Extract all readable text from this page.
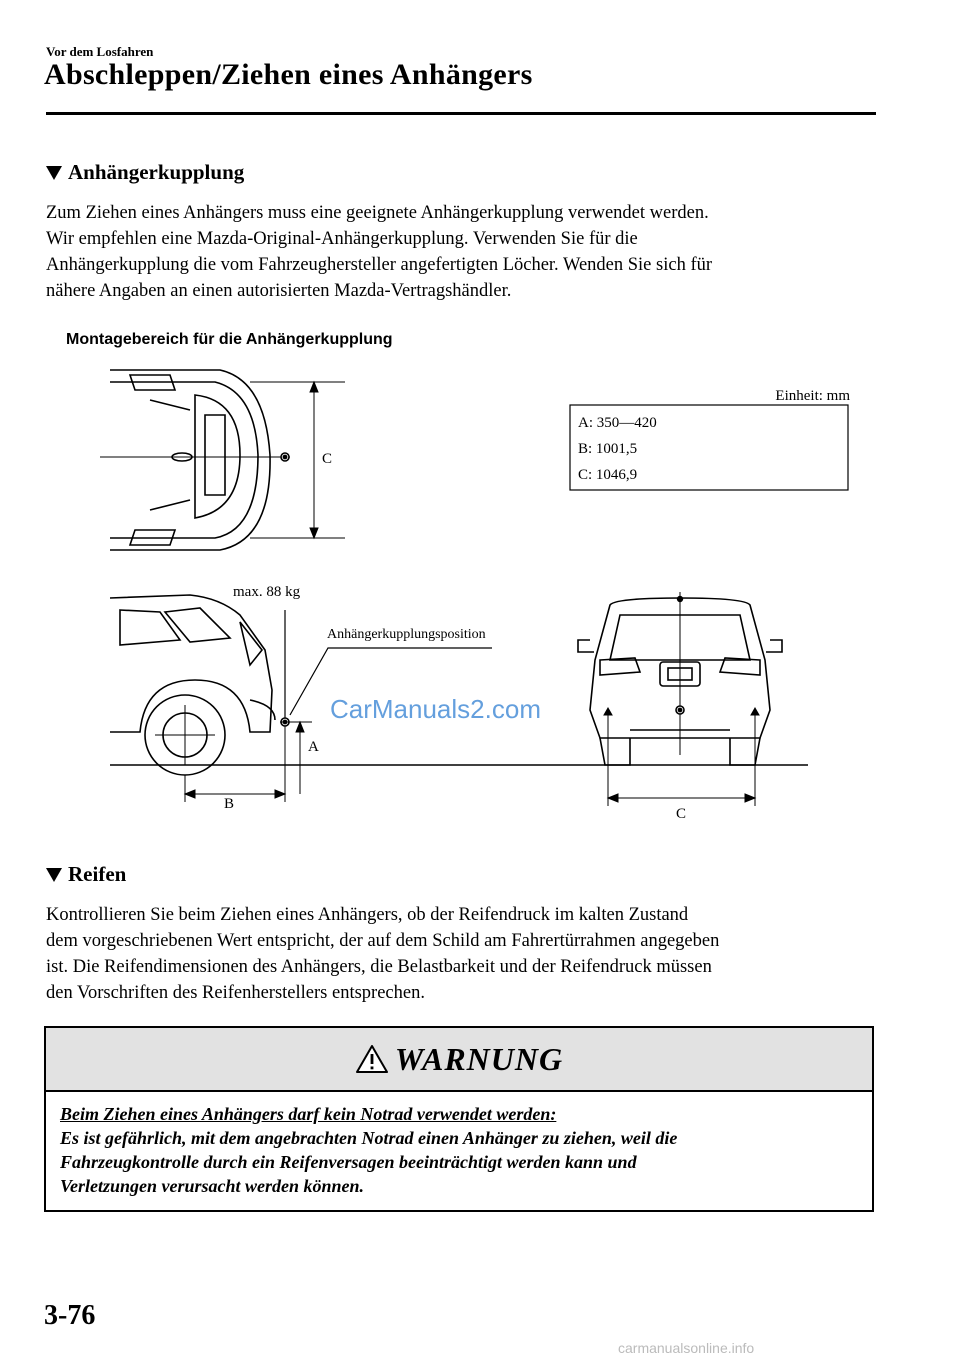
Vor dem Losfahren
Abschleppen/Ziehen eines Anhängers
Anhängerkupplung
Zum Ziehen eines Anhängers muss eine geeignete Anhängerkupplung verwendet werden.
Wir empfehlen eine Mazda-Original-Anhängerkupplung. Verwenden Sie für die
Anhängerkupplung die vom Fahrzeughersteller angefertigten Löcher. Wenden Sie sich für
nähere Angaben an einen autorisierten Mazda-Vertragshändler.
Montagebereich für die Anhängerkupplung
C
Einheit: mm
A: 350—420
B: 1001,5
C: 1046,9
max. 88 kg
Anhängerkupplungsposition
A
B
C
CarManuals2.com
Reifen
Kontrollieren Sie beim Ziehen eines Anhängers, ob der Reifendruck im kalten Zustand
dem vorgeschriebenen Wert entspricht, der auf dem Schild am Fahrertürrahmen angegeben
ist. Die Reifendimensionen des Anhängers, die Belastbarkeit und der Reifendruck müssen
den Vorschriften des Reifenherstellers entsprechen.
WARNUNG
Beim Ziehen eines Anhängers darf kein Notrad verwendet werden:
Es ist gefährlich, mit dem angebrachten Notrad einen Anhänger zu ziehen, weil die
Fahrzeugkontrolle durch ein Reifenversagen beeinträchtigt werden kann und
Verletzungen verursacht werden können.
3-76
carmanualsonline.info
